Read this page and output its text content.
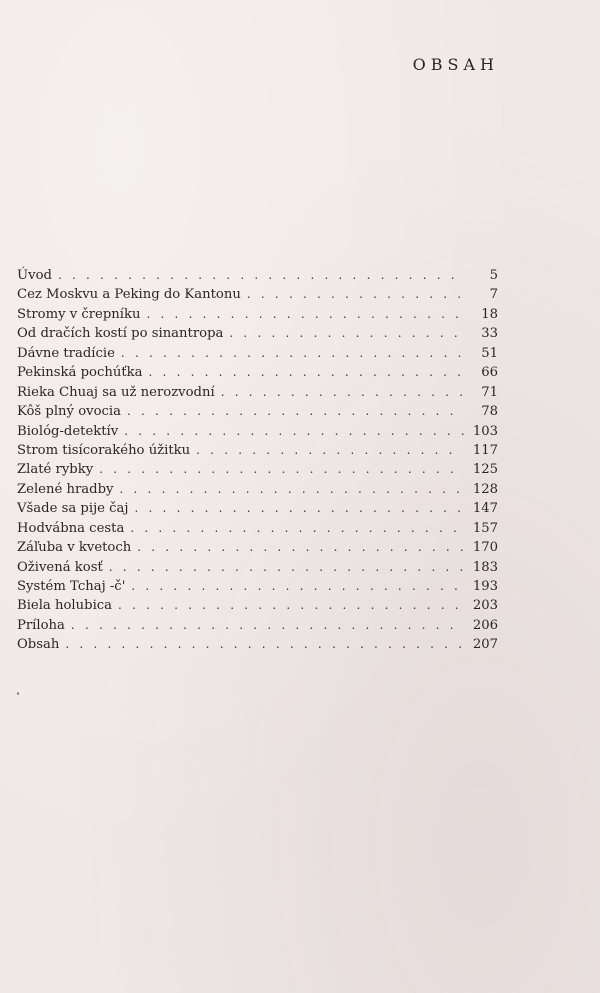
OBSAH
Úvod . . .	5
Cez Moskvu a Peking do Kantonu . . .	7
Stromy v črepníku . . .	18
Od dračích kostí po sinantropa . . .	33
Dávne tradície . . .	51
Pekinská pochúťka . . .	66
Rieka Chuaj sa už nerozvodní . . .	71
Kôš plný ovocia . . .	78
Biológ-detektív . . .	103
Strom tisícorakého úžitku . . .	117
Zlaté rybky . . .	125
Zelené hradby . . .	128
Všade sa pije čaj . . .	147
Hodvábna cesta . . .	157
Záľuba v kvetoch . . .	170
Oživená kosť . . .	183
Systém Tchaj -č' . . .	193
Biela holubica . . .	203
Príloha . . .	206
Obsah . . .	207
